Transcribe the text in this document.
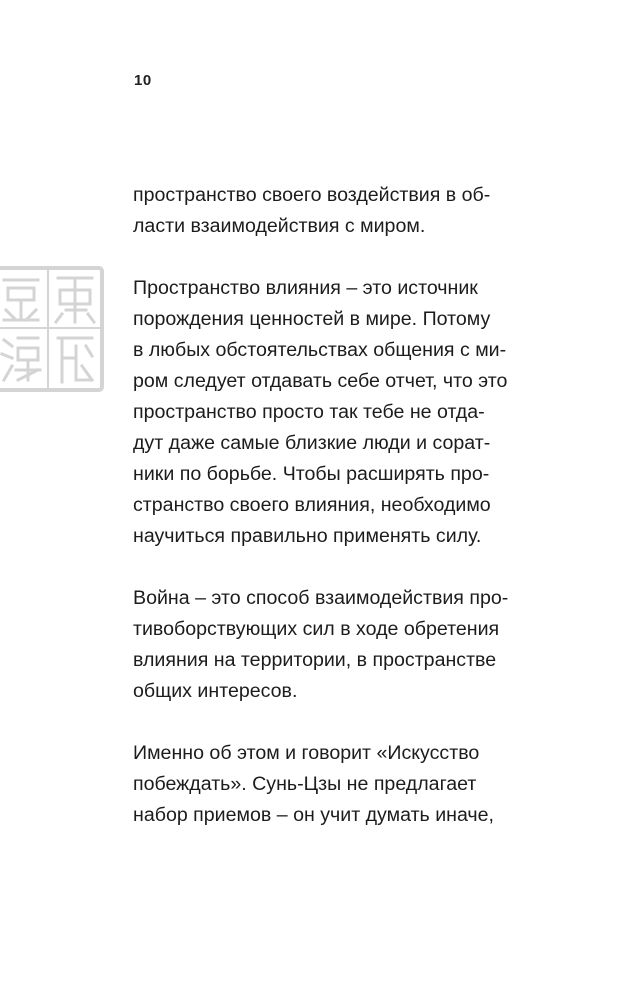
10

пространство своего воздействия в об-
ласти взаимодействия с миром.

Пространство влияния – это источник
порождения ценностей в мире. Потому
в любых обстоятельствах общения с ми-
ром следует отдавать себе отчет, что это
пространство просто так тебе не отда-
дут даже самые близкие люди и сорат-
ники по борьбе. Чтобы расширять про-
странство своего влияния, необходимо
научиться правильно применять силу.

Война – это способ взаимодействия про-
тивоборствующих сил в ходе обретения
влияния на территории, в пространстве
общих интересов.

Именно об этом и говорит «Искусство
побеждать». Сунь-Цзы не предлагает
набор приемов – он учит думать иначе,
